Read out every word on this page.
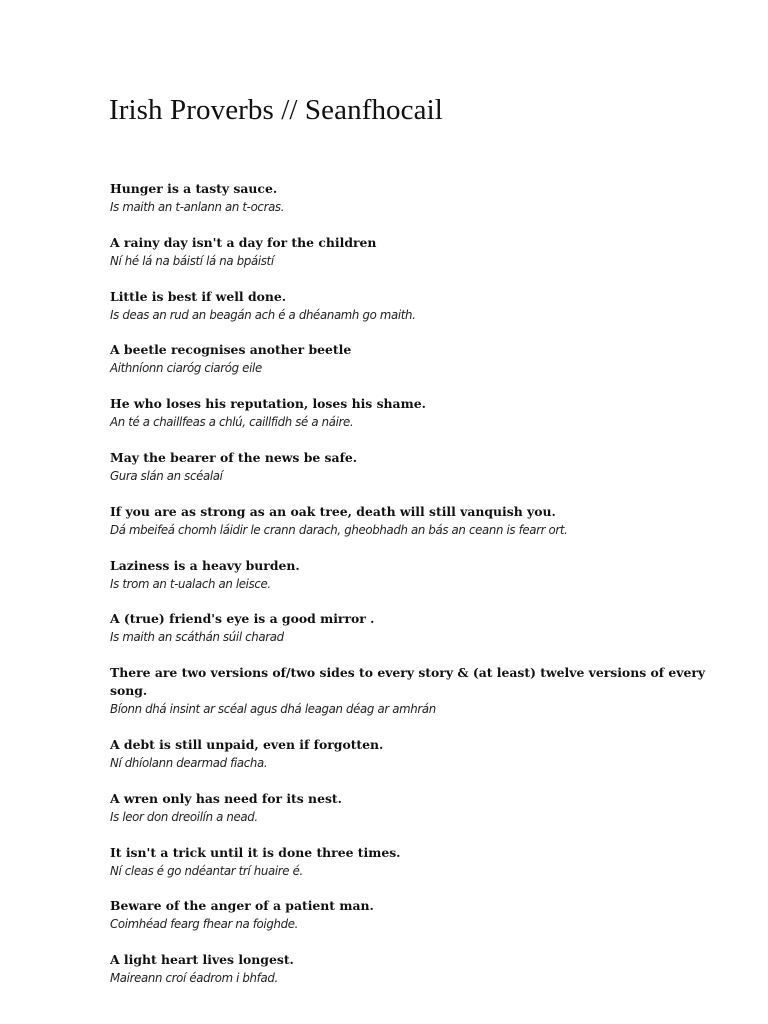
Irish Proverbs // Seanfhocail

Hunger is a tasty sauce.

Is maith an t-anlann an t-ocras.

A rainy day isn't a day for the children

Ní hé lá na báistí lá na bpáistí

Little is best if well done.

Is deas an rud an beagán ach é a dhéanamh go maith.

A beetle recognises another beetle

Aithníonn ciaróg ciaróg eile

He who loses his reputation, loses his shame.

An té a chaillfeas a chlú, caillfidh sé a náire.

May the bearer of the news be safe.

Gura slán an scéalaí

If you are as strong as an oak tree, death will still vanquish you.

Dá mbeifeá chomh láidir le crann darach, gheobhadh an bás an ceann is fearr ort.

Laziness is a heavy burden.

Is trom an t-ualach an leisce.

A (true) friend's eye is a good mirror .

Is maith an scáthán súil charad

There are two versions of/two sides to every story & (at least) twelve versions of every song.

Bíonn dhá insint ar scéal agus dhá leagan déag ar amhrán

A debt is still unpaid, even if forgotten.

Ní dhíolann dearmad fiacha.

A wren only has need for its nest.

Is leor don dreoilín a nead.

It isn't a trick until it is done three times.

Ní cleas é go ndéantar trí huaire é.

Beware of the anger of a patient man.

Coimhéad fearg fhear na foighde.

A light heart lives longest.

Maireann croí éadrom i bhfad.
